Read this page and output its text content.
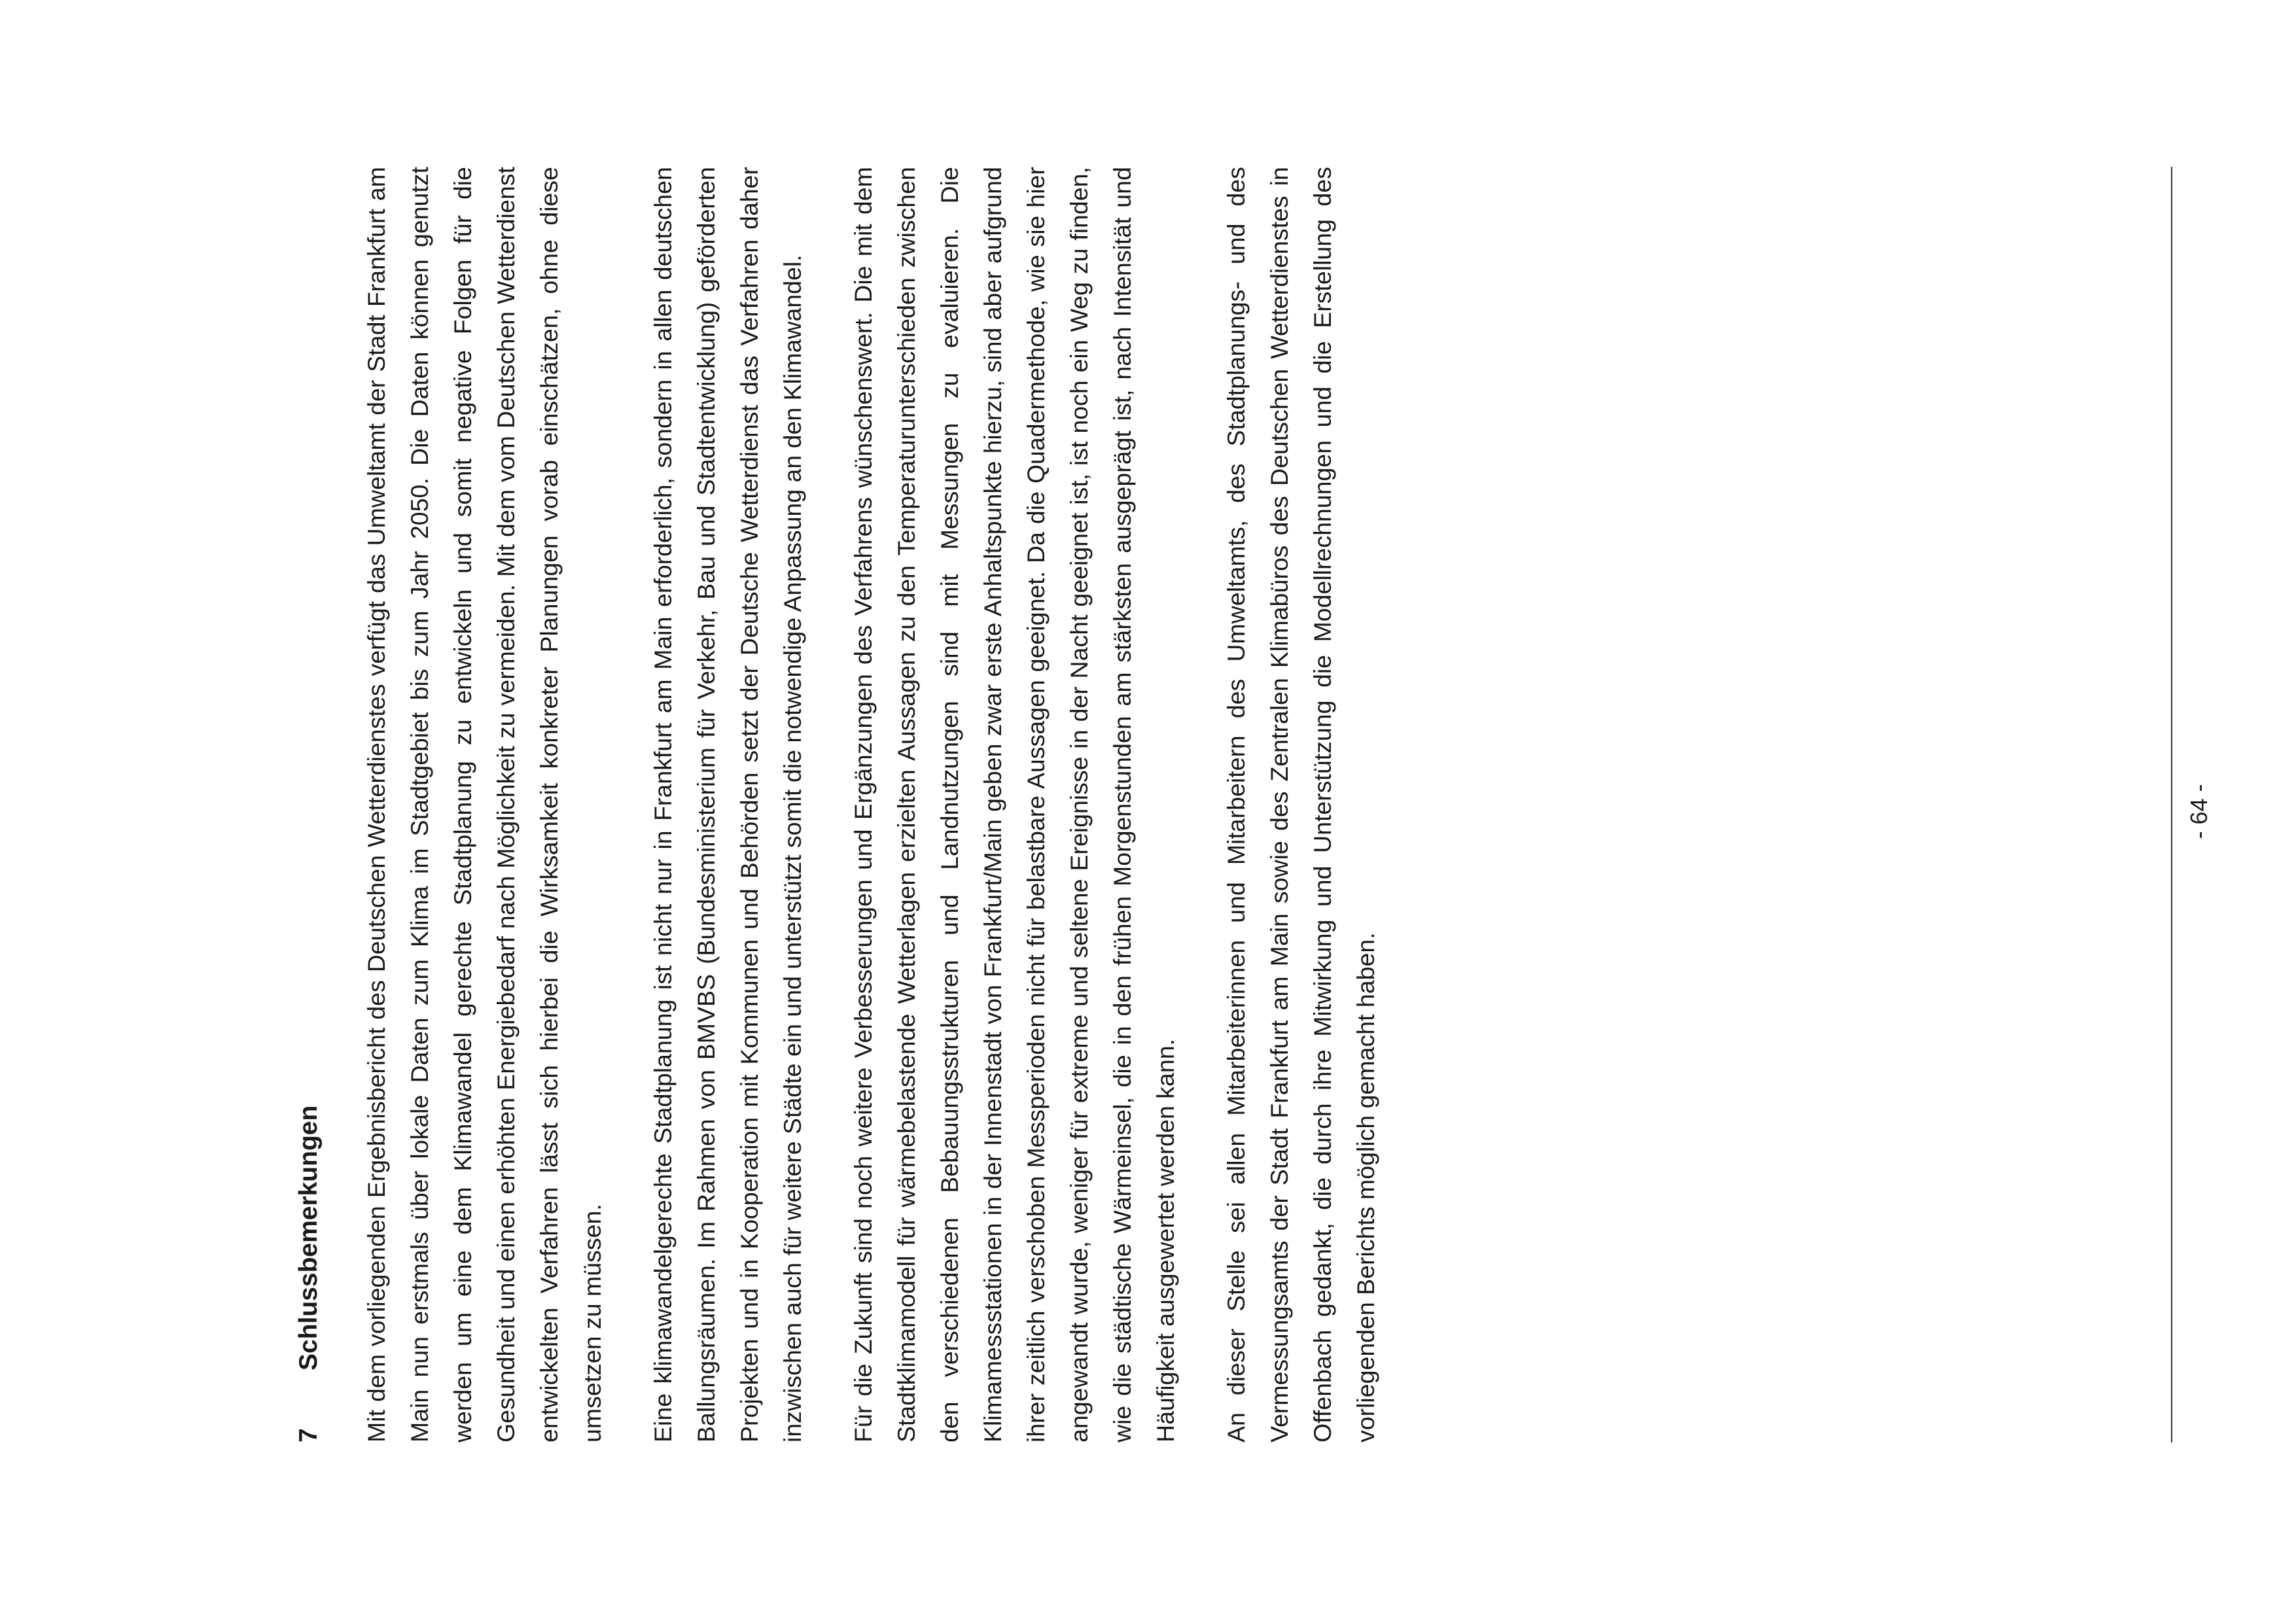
7
Schlussbemerkungen	Mit dem vorliegenden Ergebnisbericht des Deutschen Wetterdienstes verfügt das Umweltamt der Stadt Frankfurt am Main nun erstmals über lokale Daten zum Klima im Stadtgebiet bis zum Jahr 2050. Die Daten können genutzt werden um eine dem Klimawandel gerechte Stadtplanung zu entwickeln und somit negative Folgen für die Gesundheit und einen erhöhten Energiebedarf nach Möglichkeit zu vermeiden. Mit dem vom Deutschen Wetterdienst entwickelten Verfahren lässt sich hierbei die Wirksamkeit konkreter Planungen vorab einschätzen, ohne diese umsetzen zu müssen.	Eine klimawandelgerechte Stadtplanung ist nicht nur in Frankfurt am Main erforderlich, sondern in allen deutschen Ballungsräumen. Im Rahmen von BMVBS (Bundesministerium für Verkehr, Bau und Stadtentwicklung) geförderten Projekten und in Kooperation mit Kommunen und Behörden setzt der Deutsche Wetterdienst das Verfahren daher inzwischen auch für weitere Städte ein und unterstützt somit die notwendige Anpassung an den Klimawandel.	Für die Zukunft sind noch weitere Verbesserungen und Ergänzungen des Verfahrens wünschenswert. Die mit dem Stadtklimamodell für wärmebelastende Wetterlagen erzielten Aussagen zu den Temperaturunterschieden zwischen den verschiedenen Bebauungsstrukturen und Landnutzungen sind mit Messungen zu evaluieren. Die Klimamessstationen in der Innenstadt von Frankfurt/Main geben zwar erste Anhaltspunkte hierzu, sind aber aufgrund ihrer zeitlich verschoben Messperioden nicht für belastbare Aussagen geeignet. Da die Quadermethode, wie sie hier angewandt wurde, weniger für extreme und seltene Ereignisse in der Nacht geeignet ist, ist noch ein Weg zu finden, wie die städtische Wärmeinsel, die in den frühen Morgenstunden am stärksten ausgeprägt ist, nach Intensität und Häufigkeit ausgewertet werden kann.	An dieser Stelle sei allen Mitarbeiterinnen und Mitarbeitern des Umweltamts, des Stadtplanungs- und des Vermessungsamts der Stadt Frankfurt am Main sowie des Zentralen Klimabüros des Deutschen Wetterdienstes in Offenbach gedankt, die durch ihre Mitwirkung und Unterstützung die Modellrechnungen und die Erstellung des vorliegenden Berichts möglich gemacht haben.

- 64 -
